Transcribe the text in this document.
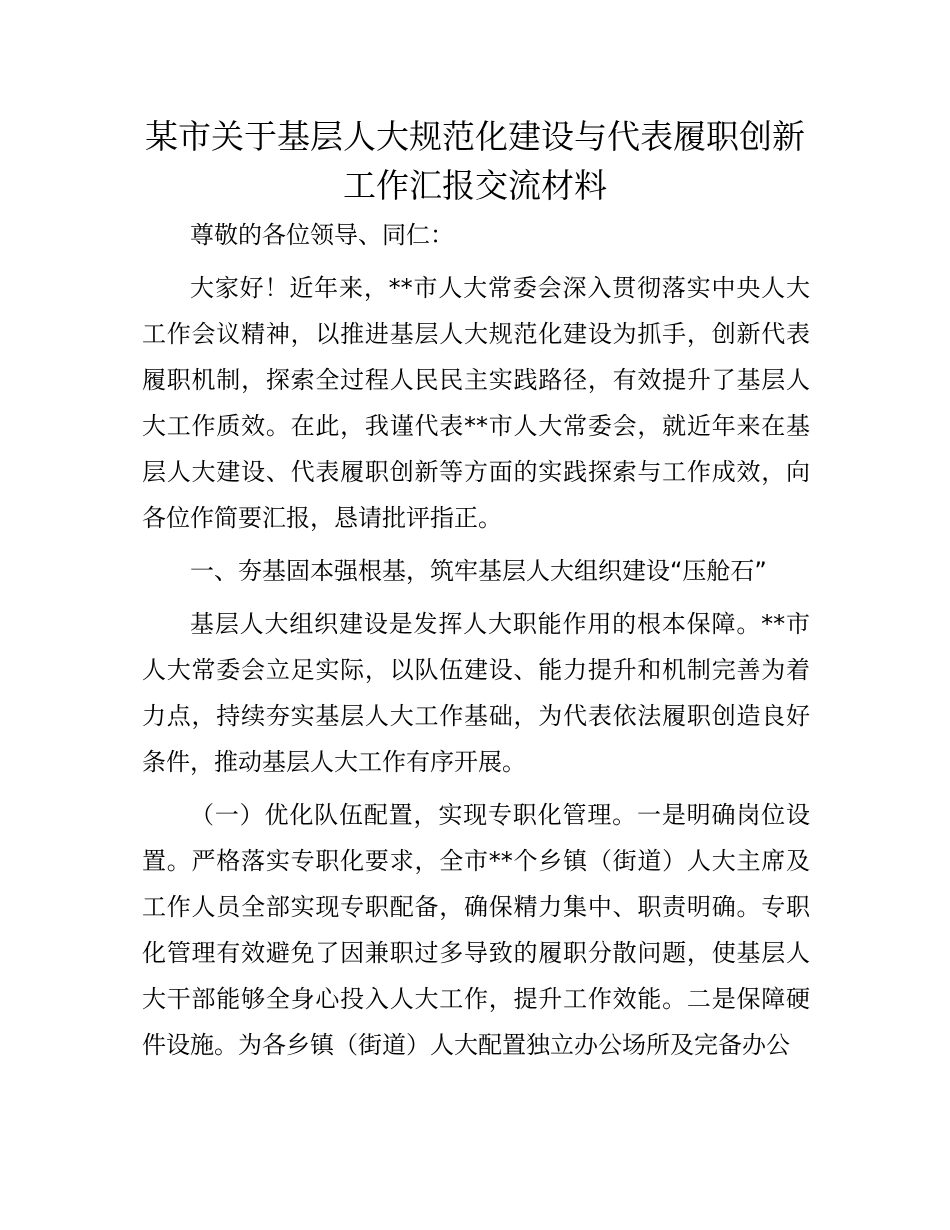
某市关于基层人大规范化建设与代表履职创新
工作汇报交流材料

尊敬的各位领导、同仁：

大家好！近年来，**市人大常委会深入贯彻落实中央人大工作会议精神，以推进基层人大规范化建设为抓手，创新代表履职机制，探索全过程人民民主实践路径，有效提升了基层人大工作质效。在此，我谨代表**市人大常委会，就近年来在基层人大建设、代表履职创新等方面的实践探索与工作成效，向各位作简要汇报，恳请批评指正。

一、夯基固本强根基，筑牢基层人大组织建设“压舱石”

基层人大组织建设是发挥人大职能作用的根本保障。**市人大常委会立足实际，以队伍建设、能力提升和机制完善为着力点，持续夯实基层人大工作基础，为代表依法履职创造良好条件，推动基层人大工作有序开展。

（一）优化队伍配置，实现专职化管理。一是明确岗位设置。严格落实专职化要求，全市**个乡镇（街道）人大主席及工作人员全部实现专职配备，确保精力集中、职责明确。专职化管理有效避免了因兼职过多导致的履职分散问题，使基层人大干部能够全身心投入人大工作，提升工作效能。二是保障硬件设施。为各乡镇（街道）人大配置独立办公场所及完备办公
